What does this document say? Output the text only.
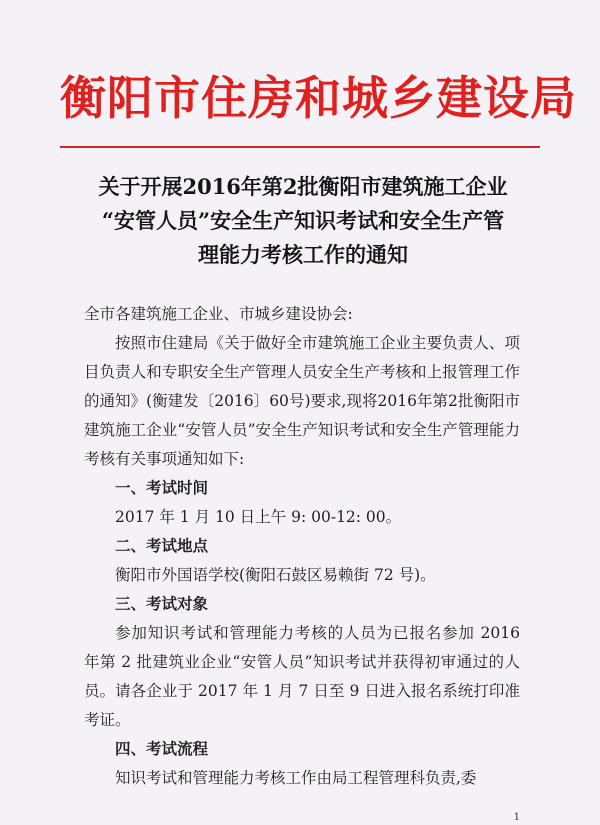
衡阳市住房和城乡建设局
关于开展2016年第2批衡阳市建筑施工企业
“安管人员”安全生产知识考试和安全生产管
理能力考核工作的通知

全市各建筑施工企业、市城乡建设协会:

按照市住建局《关于做好全市建筑施工企业主要负责人、项目负责人和专职安全生产管理人员安全生产考核和上报管理工作的通知》(衡建发〔2016〕60号)要求,现将2016年第2批衡阳市建筑施工企业“安管人员”安全生产知识考试和安全生产管理能力考核有关事项通知如下:

一、考试时间

2017 年 1 月 10 日上午 9: 00-12: 00。

二、考试地点

衡阳市外国语学校(衡阳石鼓区易赖街 72 号)。

三、考试对象

参加知识考试和管理能力考核的人员为已报名参加 2016 年第 2 批建筑业企业“安管人员”知识考试并获得初审通过的人员。请各企业于 2017 年 1 月 7 日至 9 日进入报名系统打印准考证。

四、考试流程

知识考试和管理能力考核工作由局工程管理科负责,委

1
